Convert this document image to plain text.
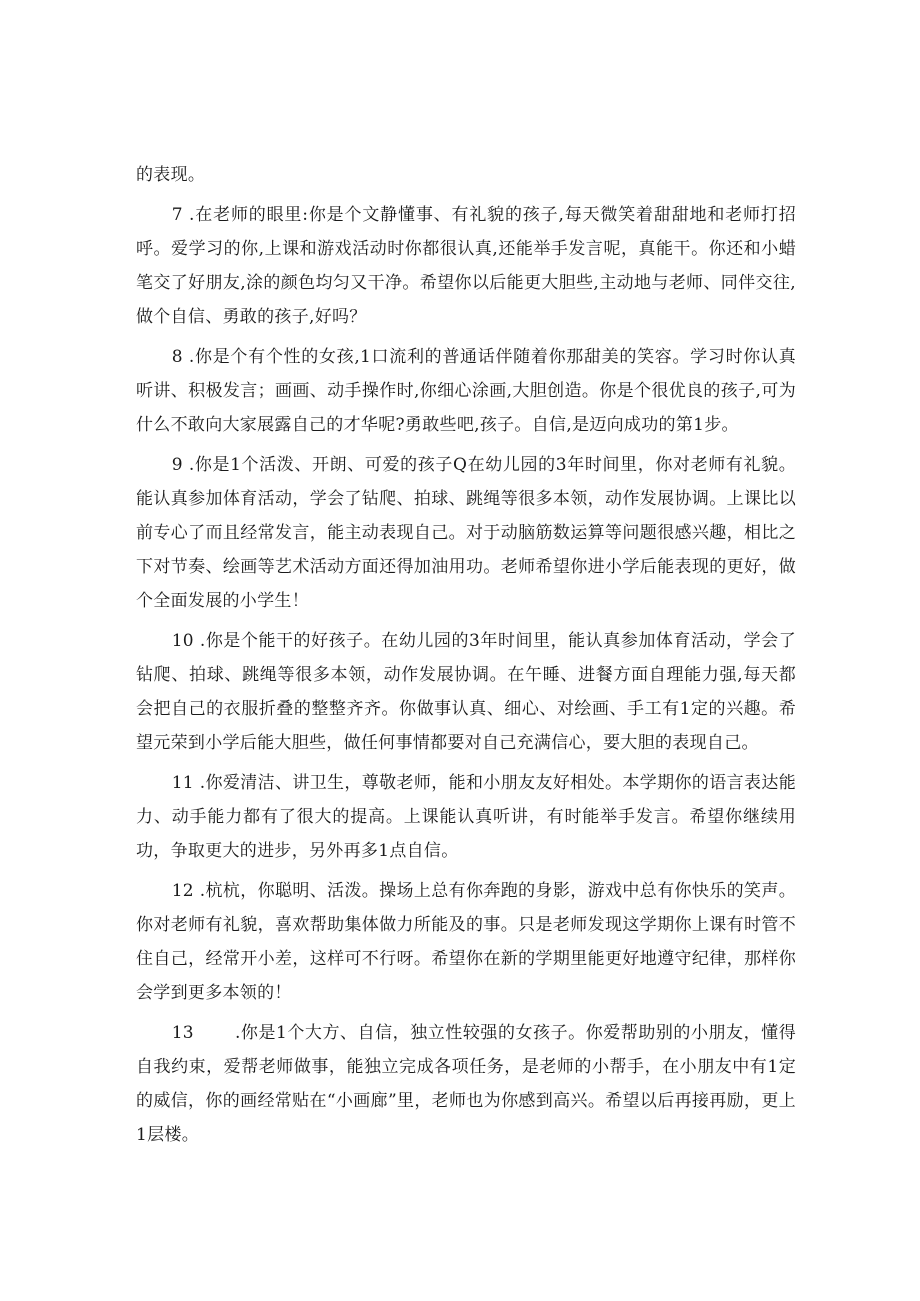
的表现。

7 .在老师的眼里:你是个文静懂事、有礼貌的孩子,每天微笑着甜甜地和老师打招呼。爱学习的你,上课和游戏活动时你都很认真,还能举手发言呢，真能干。你还和小蜡笔交了好朋友,涂的颜色均匀又干净。希望你以后能更大胆些,主动地与老师、同伴交往,做个自信、勇敢的孩子,好吗？

8 .你是个有个性的女孩,1口流利的普通话伴随着你那甜美的笑容。学习时你认真听讲、积极发言；画画、动手操作时,你细心涂画,大胆创造。你是个很优良的孩子,可为什么不敢向大家展露自己的才华呢?勇敢些吧,孩子。自信,是迈向成功的第1步。

9 .你是1个活泼、开朗、可爱的孩子Q在幼儿园的3年时间里，你对老师有礼貌。能认真参加体育活动，学会了钻爬、拍球、跳绳等很多本领，动作发展协调。上课比以前专心了而且经常发言，能主动表现自己。对于动脑筋数运算等问题很感兴趣，相比之下对节奏、绘画等艺术活动方面还得加油用功。老师希望你进小学后能表现的更好，做个全面发展的小学生！

10 .你是个能干的好孩子。在幼儿园的3年时间里，能认真参加体育活动，学会了钻爬、拍球、跳绳等很多本领，动作发展协调。在午睡、进餐方面自理能力强,每天都会把自己的衣服折叠的整整齐齐。你做事认真、细心、对绘画、手工有1定的兴趣。希望元荣到小学后能大胆些，做任何事情都要对自己充满信心，要大胆的表现自己。

11 .你爱清洁、讲卫生，尊敬老师，能和小朋友友好相处。本学期你的语言表达能力、动手能力都有了很大的提高。上课能认真听讲，有时能举手发言。希望你继续用功，争取更大的进步，另外再多1点自信。

12 .杭杭，你聪明、活泼。操场上总有你奔跑的身影，游戏中总有你快乐的笑声。你对老师有礼貌，喜欢帮助集体做力所能及的事。只是老师发现这学期你上课有时管不住自己，经常开小差，这样可不行呀。希望你在新的学期里能更好地遵守纪律，那样你会学到更多本领的！

13 　　.你是1个大方、自信，独立性较强的女孩子。你爱帮助别的小朋友，懂得自我约束，爱帮老师做事，能独立完成各项任务，是老师的小帮手，在小朋友中有1定的威信，你的画经常贴在“小画廊”里，老师也为你感到高兴。希望以后再接再励，更上1层楼。
